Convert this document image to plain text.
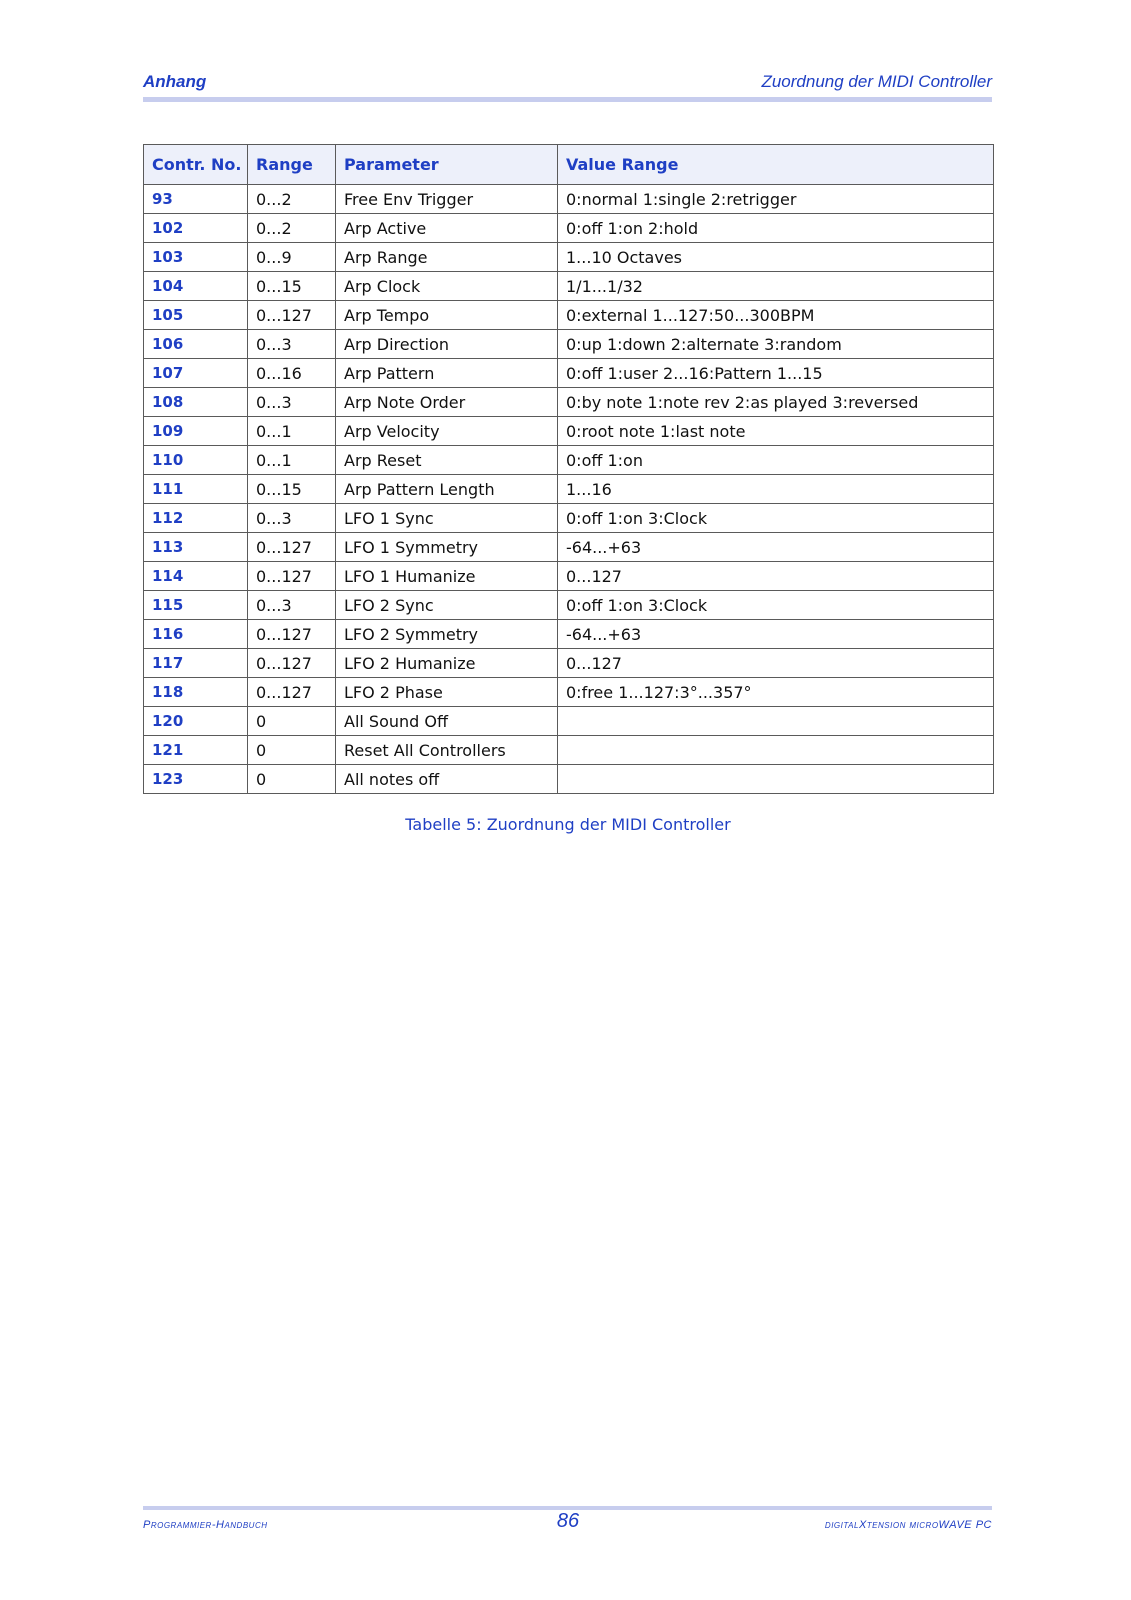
Anhang	Zuordnung der MIDI Controller
Contr. No.	Range	Parameter	Value Range
93	0...2	Free Env Trigger	0:normal 1:single 2:retrigger
102	0...2	Arp Active	0:off 1:on 2:hold
103	0...9	Arp Range	1...10 Octaves
104	0...15	Arp Clock	1/1...1/32
105	0...127	Arp Tempo	0:external 1...127:50...300BPM
106	0...3	Arp Direction	0:up 1:down 2:alternate 3:random
107	0...16	Arp Pattern	0:off 1:user 2...16:Pattern 1...15
108	0...3	Arp Note Order	0:by note 1:note rev 2:as played 3:reversed
109	0...1	Arp Velocity	0:root note 1:last note
110	0...1	Arp Reset	0:off 1:on
111	0...15	Arp Pattern Length	1...16
112	0...3	LFO 1 Sync	0:off 1:on 3:Clock
113	0...127	LFO 1 Symmetry	-64...+63
114	0...127	LFO 1 Humanize	0...127
115	0...3	LFO 2 Sync	0:off 1:on 3:Clock
116	0...127	LFO 2 Symmetry	-64...+63
117	0...127	LFO 2 Humanize	0...127
118	0...127	LFO 2 Phase	0:free 1...127:3°...357°
120	0	All Sound Off	
121	0	Reset All Controllers	
123	0	All notes off	
Tabelle 5: Zuordnung der MIDI Controller
Programmier-Handbuch	86	digitalXtension microWAVE PC
